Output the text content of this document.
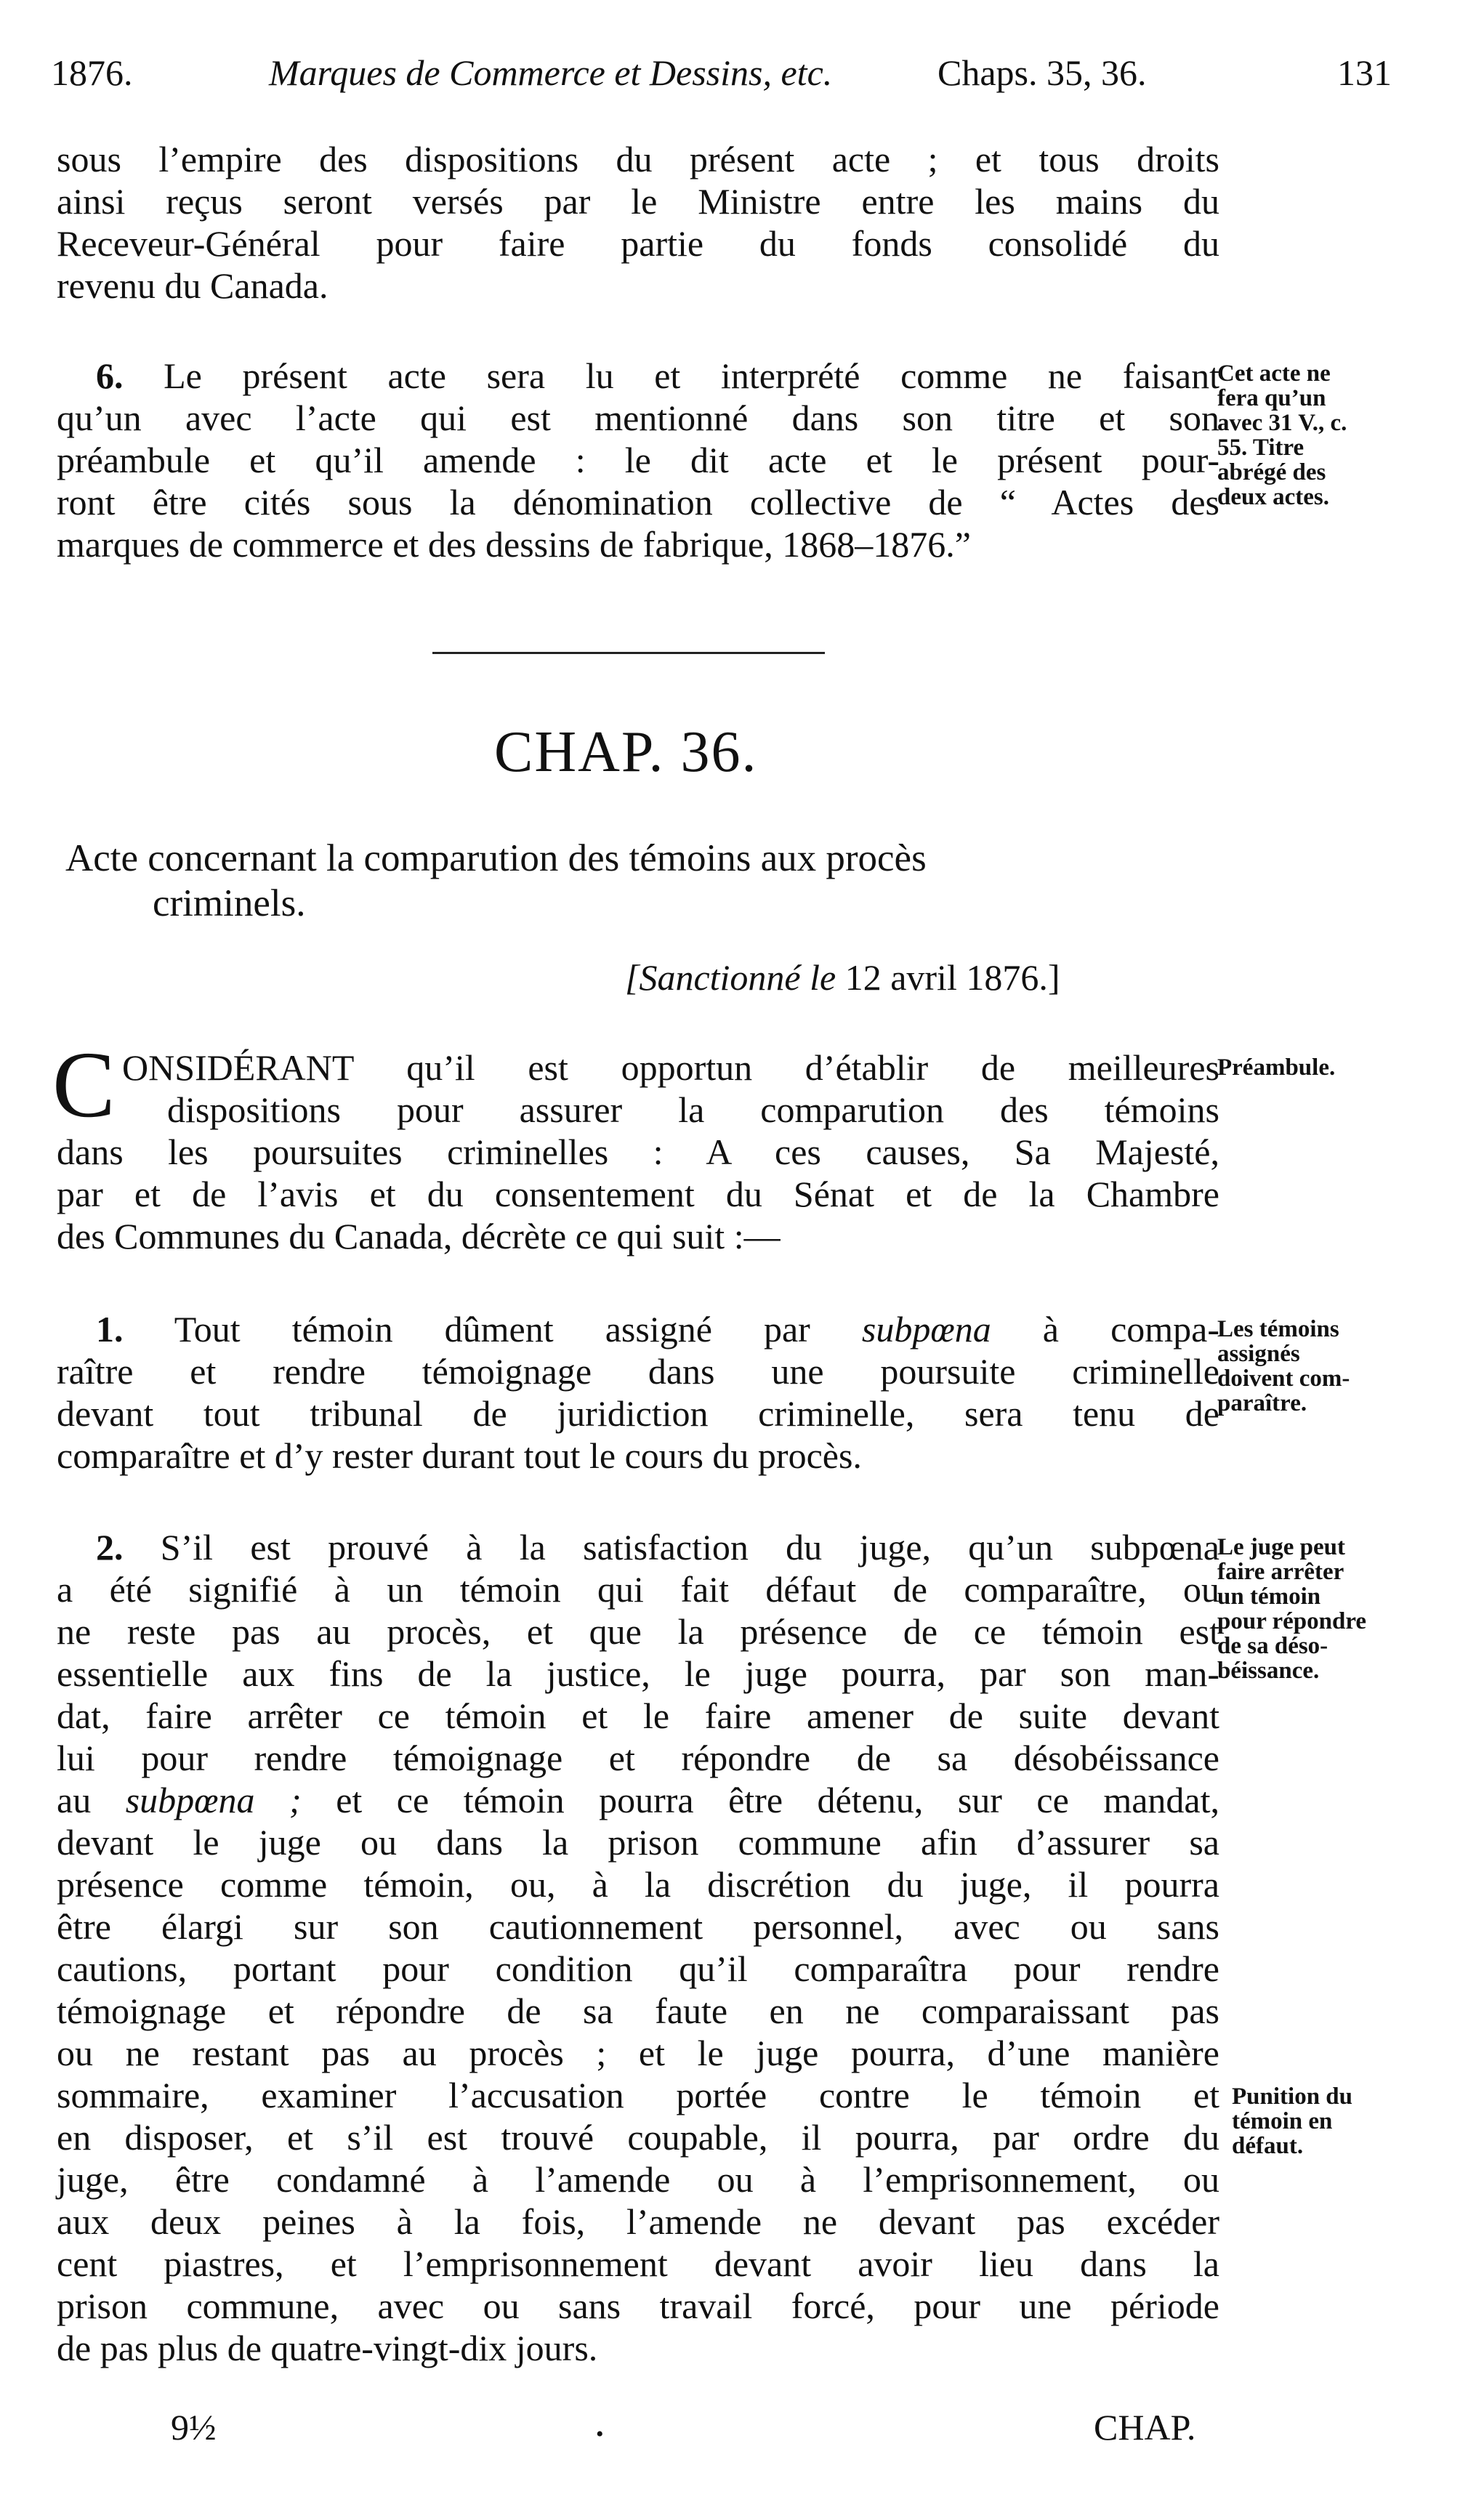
1876.	Marques de Commerce et Dessins, etc.	Chaps. 35, 36.	131
sous l’empire des dispositions du présent acte ; et tous droits
ainsi reçus seront versés par le Ministre entre les mains du
Receveur-Général pour faire partie du fonds consolidé du
revenu du Canada.
6. Le présent acte sera lu et interprété comme ne faisant
qu’un avec l’acte qui est mentionné dans son titre et son
préambule et qu’il amende : le dit acte et le présent pour-
ront être cités sous la dénomination collective de “ Actes des
marques de commerce et des dessins de fabrique, 1868–1876.”
Cet acte ne
fera qu’un
avec 31 V., c.
55. Titre
abrégé des
deux actes.
CHAP. 36.
Acte concernant la comparution des témoins aux procès
criminels.
[Sanctionné le 12 avril 1876.]
C ONSIDÉRANT qu’il est opportun d’établir de meilleures
dispositions pour assurer la comparution des témoins
dans les poursuites criminelles : A ces causes, Sa Majesté,
par et de l’avis et du consentement du Sénat et de la Chambre
des Communes du Canada, décrète ce qui suit :—
Préambule.
1. Tout témoin dûment assigné par subpœna à compa-
raître et rendre témoignage dans une poursuite criminelle
devant tout tribunal de juridiction criminelle, sera tenu de
comparaître et d’y rester durant tout le cours du procès.
Les témoins
assignés
doivent com-
paraître.
2. S’il est prouvé à la satisfaction du juge, qu’un subpœna
a été signifié à un témoin qui fait défaut de comparaître, ou
ne reste pas au procès, et que la présence de ce témoin est
essentielle aux fins de la justice, le juge pourra, par son man-
dat, faire arrêter ce témoin et le faire amener de suite devant
lui pour rendre témoignage et répondre de sa désobéissance
au subpœna ; et ce témoin pourra être détenu, sur ce mandat,
devant le juge ou dans la prison commune afin d’assurer sa
présence comme témoin, ou, à la discrétion du juge, il pourra
être élargi sur son cautionnement personnel, avec ou sans
cautions, portant pour condition qu’il comparaîtra pour rendre
témoignage et répondre de sa faute en ne comparaissant pas
ou ne restant pas au procès ; et le juge pourra, d’une manière
sommaire, examiner l’accusation portée contre le témoin et
en disposer, et s’il est trouvé coupable, il pourra, par ordre du
juge, être condamné à l’amende ou à l’emprisonnement, ou
aux deux peines à la fois, l’amende ne devant pas excéder
cent piastres, et l’emprisonnement devant avoir lieu dans la
prison commune, avec ou sans travail forcé, pour une période
de pas plus de quatre-vingt-dix jours.
Le juge peut
faire arrêter
un témoin
pour répondre
de sa déso-
béissance.
Punition du
témoin en
défaut.
9½	•	CHAP.
